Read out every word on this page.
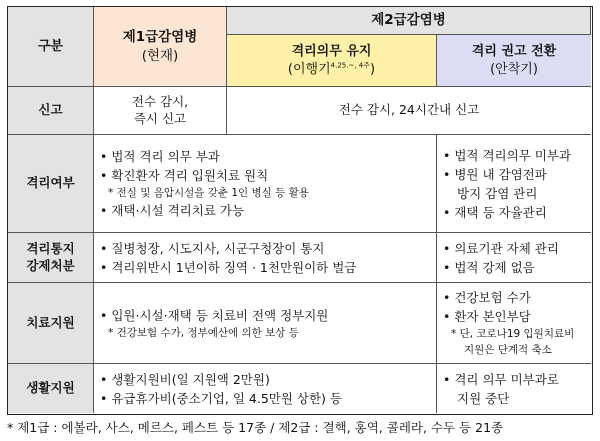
구분
제1급감염병
(현재)
제2급감염병
격리의무 유지
(이행기$^{4.25.\sim, 4주}$)
격리 권고 전환
(안착기)
신고
전수 감시,
즉시 신고
전수 감시, 24시간내 신고
격리여부
• 법적 격리 의무 부과
• 확진환자 격리 입원치료 원칙
* 전실 및 음압시설을 갖춘 1인 병실 등 활용
• 재택·시설 격리치료 가능
• 법적 격리의무 미부과
• 병원 내 감염전파
방지 감염 관리
• 재택 등 자율관리
격리통지
강제처분
• 질병청장, 시도지사, 시군구청장이 통지
• 격리위반시 1년이하 징역 · 1천만원이하 벌금
• 의료기관 자체 관리
• 법적 강제 없음
치료지원 • 입원·시설·재택 등 치료비 전액 정부지원
* 건강보험 수가, 정부예산에 의한 보상 등
• 건강보험 수가
• 환자 본인부담
* 단, 코로나19 입원치료비
지원은 단계적 축소
생활지원
• 생활지원비(일 지원액 2만원)
• 유급휴가비(중소기업, 일 4.5만원 상한) 등
• 격리 의무 미부과로
지원 중단
* 제1급 : 에볼라, 사스, 메르스, 페스트 등 17종 / 제2급 : 결핵, 홍역, 콜레라, 수두 등 21종
